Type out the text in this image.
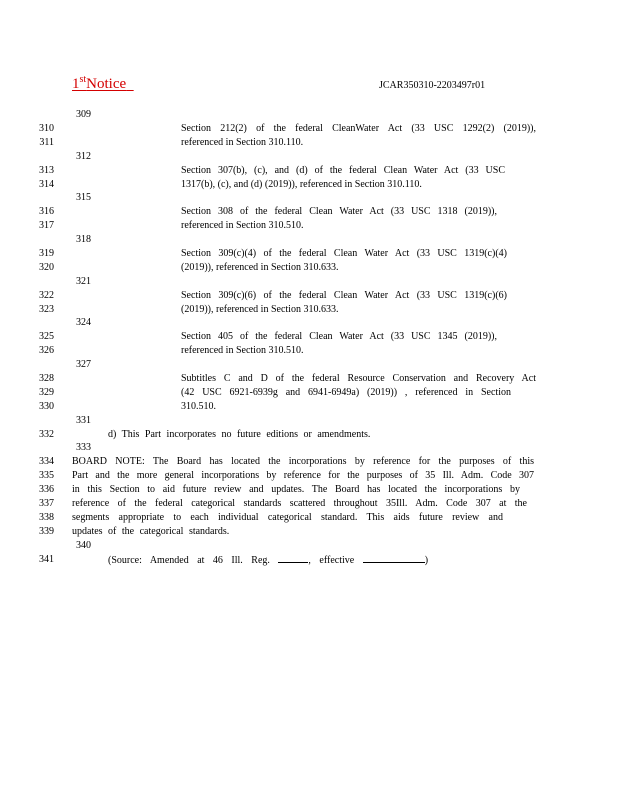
1stNotice	JCAR350310-2203497r01
309
310	Section 212(2) of the federal CleanWater Act (33 USC 1292(2) (2019)),
311	referenced in Section 310.110.
312
313	Section 307(b), (c), and (d) of the federal Clean Water Act (33 USC
314	1317(b), (c), and (d) (2019)), referenced in Section 310.110.
315
316	Section 308 of the federal Clean Water Act (33 USC 1318 (2019)),
317	referenced in Section 310.510.
318
319	Section 309(c)(4) of the federal Clean Water Act (33 USC 1319(c)(4)
320	(2019)), referenced in Section 310.633.
321
322	Section 309(c)(6) of the federal Clean Water Act (33 USC 1319(c)(6)
323	(2019)), referenced in Section 310.633.
324
325	Section 405 of the federal Clean Water Act (33 USC 1345 (2019)),
326	referenced in Section 310.510.
327
328	Subtitles C and D of the federal Resource Conservation and Recovery Act
329	(42 USC 6921-6939g and 6941-6949a) (2019)) , referenced in Section
330	310.510.
331
332	d) This Part incorporates no future editions or amendments.
333
334 BOARD NOTE: The Board has located the incorporations by reference for the purposes of this
335 Part and the more general incorporations by reference for the purposes of 35 Ill. Adm. Code 307
336 in this Section to aid future review and updates. The Board has located the incorporations by
337 reference of the federal categorical standards scattered throughout 35Ill. Adm. Code 307 at the
338 segments appropriate to each individual categorical standard. This aids future review and
339 updates of the categorical standards.
340
341	(Source: Amended at 46 Ill. Reg.	, effective	)
